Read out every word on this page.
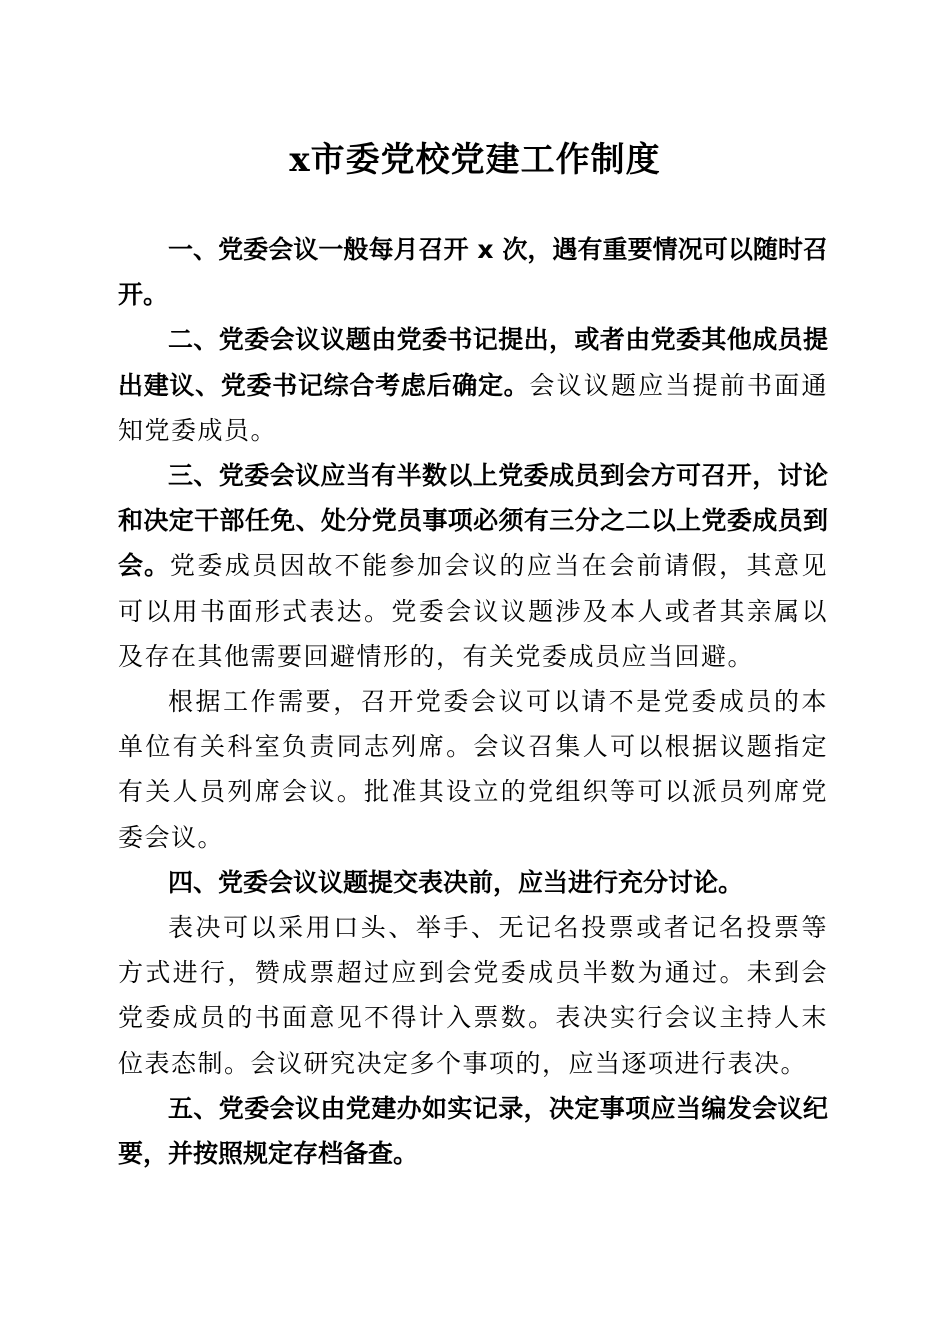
x市委党校党建工作制度

一、党委会议一般每月召开 x 次，遇有重要情况可以随时召开。

二、党委会议议题由党委书记提出，或者由党委其他成员提出建议、党委书记综合考虑后确定。会议议题应当提前书面通知党委成员。

三、党委会议应当有半数以上党委成员到会方可召开，讨论和决定干部任免、处分党员事项必须有三分之二以上党委成员到会。党委成员因故不能参加会议的应当在会前请假，其意见可以用书面形式表达。党委会议议题涉及本人或者其亲属以及存在其他需要回避情形的，有关党委成员应当回避。

根据工作需要，召开党委会议可以请不是党委成员的本单位有关科室负责同志列席。会议召集人可以根据议题指定有关人员列席会议。批准其设立的党组织等可以派员列席党委会议。

四、党委会议议题提交表决前，应当进行充分讨论。

表决可以采用口头、举手、无记名投票或者记名投票等方式进行，赞成票超过应到会党委成员半数为通过。未到会党委成员的书面意见不得计入票数。表决实行会议主持人末位表态制。会议研究决定多个事项的，应当逐项进行表决。

五、党委会议由党建办如实记录，决定事项应当编发会议纪要，并按照规定存档备查。
